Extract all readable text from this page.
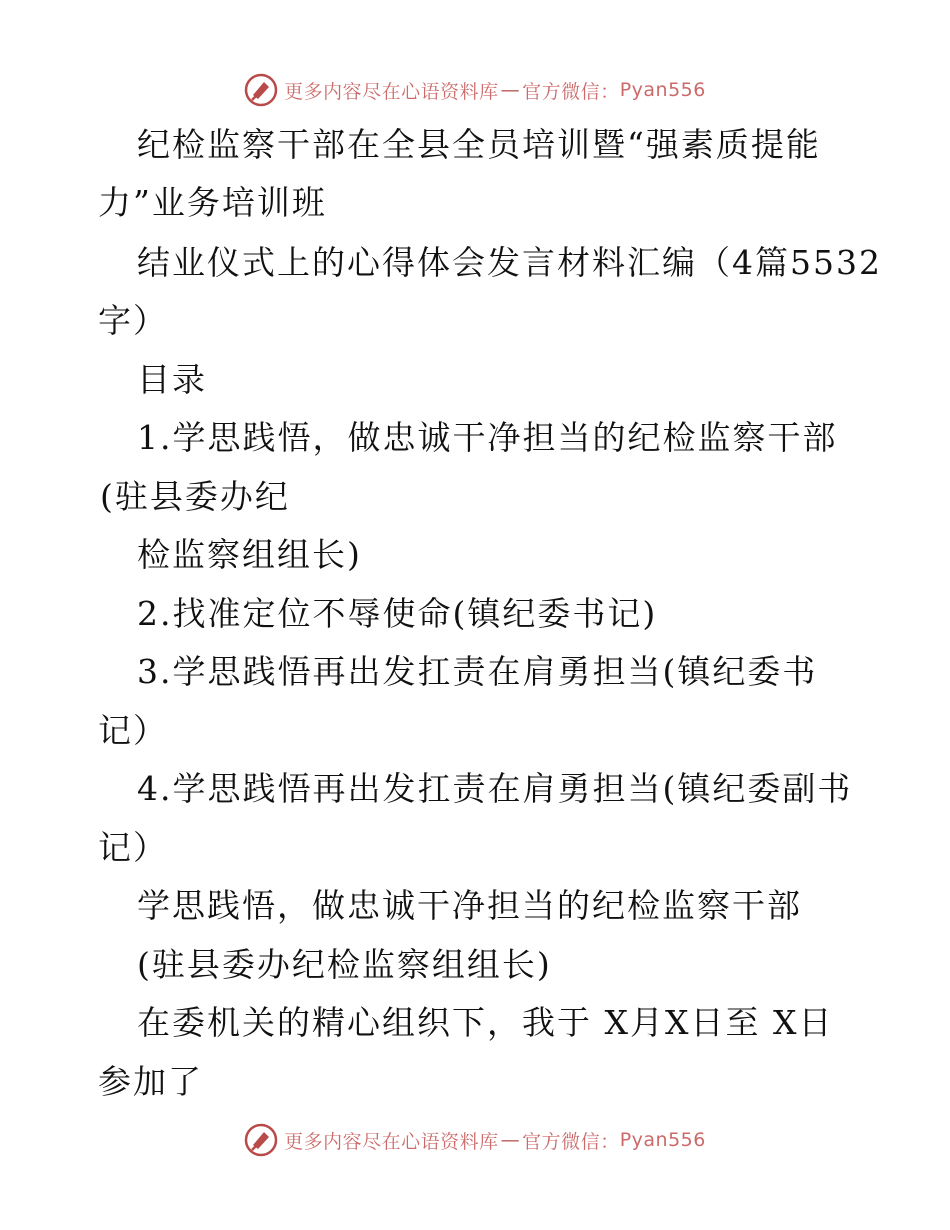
更多内容尽在心语资料库 — 官方微信： Pyan556
纪检监察干部在全县全员培训暨“强素质提能
力”业务培训班
结业仪式上的心得体会发言材料汇编（4篇5532
字）
目录
1.学思践悟，做忠诚干净担当的纪检监察干部
(驻县委办纪
检监察组组长)
2.找准定位不辱使命(镇纪委书记)
3.学思践悟再出发扛责在肩勇担当(镇纪委书
记）
4.学思践悟再出发扛责在肩勇担当(镇纪委副书
记）
学思践悟，做忠诚干净担当的纪检监察干部
(驻县委办纪检监察组组长)
在委机关的精心组织下，我于 X月X日至 X日
参加了
更多内容尽在心语资料库 — 官方微信： Pyan556
